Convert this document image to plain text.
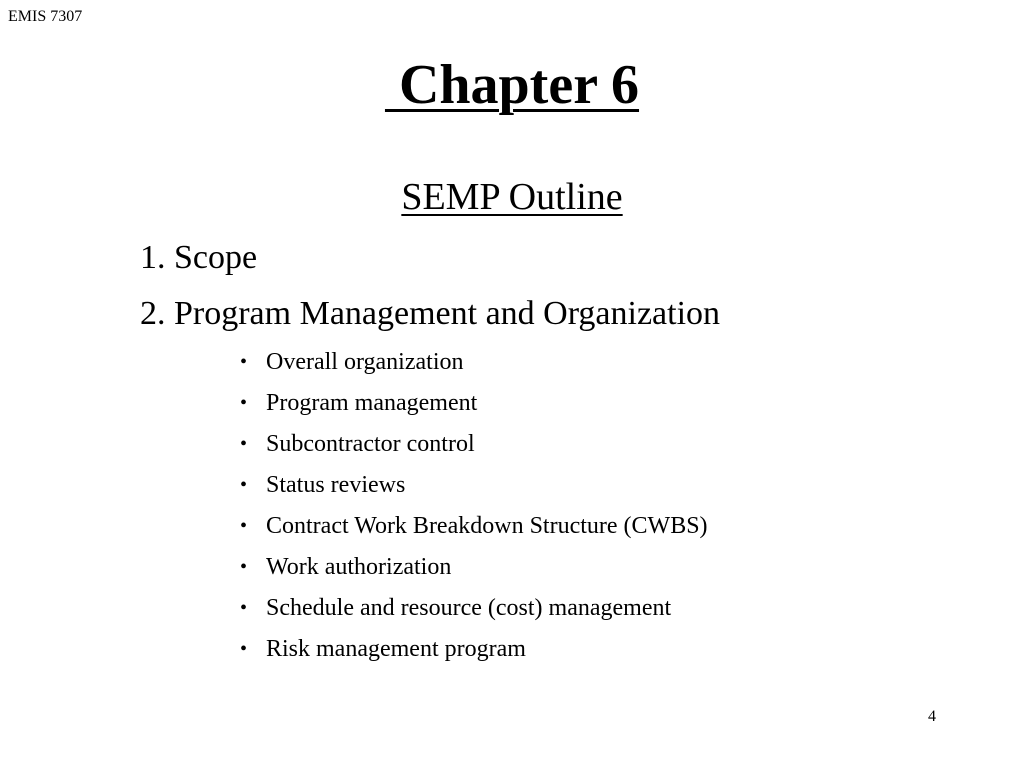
EMIS 7307
Chapter 6
SEMP Outline

1. Scope

2. Program Management and Organization

• Overall organization
• Program management
• Subcontractor control
• Status reviews
• Contract Work Breakdown Structure (CWBS)
• Work authorization
• Schedule and resource (cost) management
• Risk management program
4
